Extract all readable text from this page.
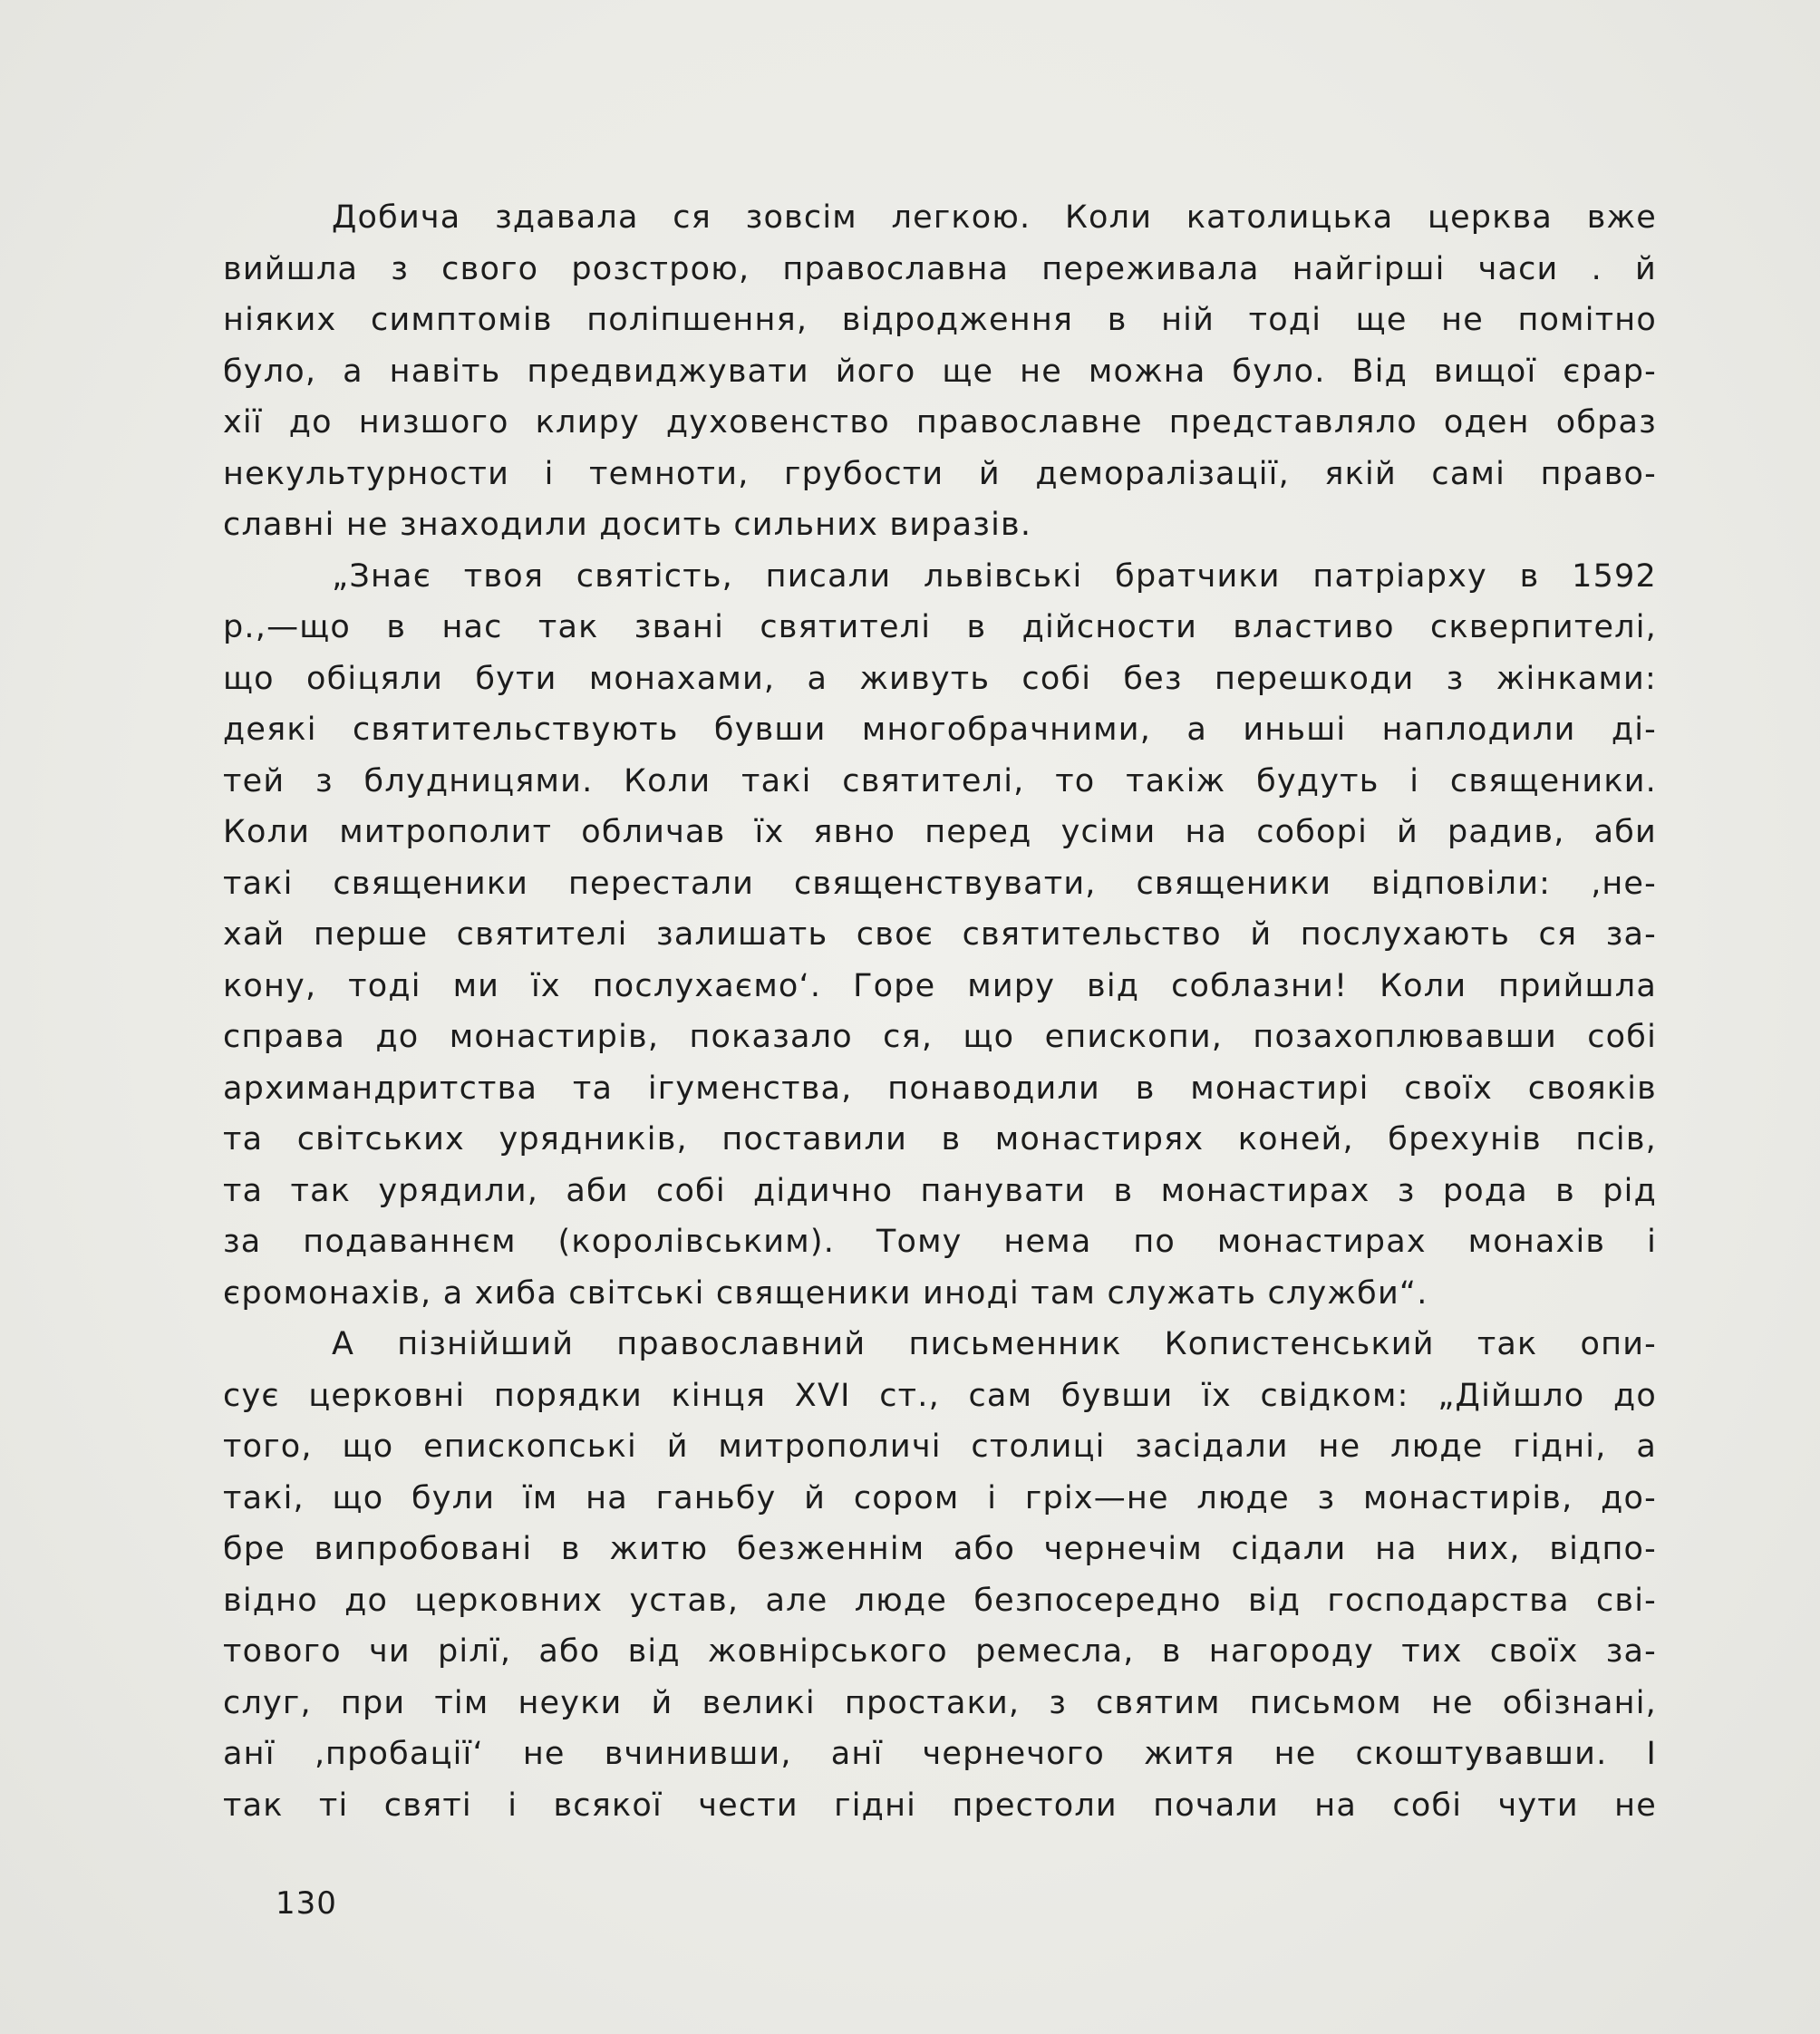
Добича здавала ся зовсім легкою. Коли католицька церква вже
вийшла з свого розстрою, православна переживала найгірші часи . й
ніяких симптомів поліпшення, відродження в ній тоді ще не помітно
було, а навіть предвиджувати його ще не можна було. Від вищої єрар-
хії до низшого клиру духовенство православне представляло оден образ
некультурности і темноти, грубости й деморалізації, якій самі право-
славні не знаходили досить сильних виразів.
„Знає твоя святість, писали львівські братчики патріарху в 1592
р.,—що в нас так звані святителі в дійсности властиво скверпителі,
що обіцяли бути монахами, а живуть собі без перешкоди з жінками:
деякі святительствують бувши многобрачними, а иньші наплодили ді-
тей з блудницями. Коли такі святителі, то такіж будуть і священики.
Коли митрополит обличав їх явно перед усіми на соборі й радив, аби
такі священики перестали священствувати, священики відповіли: ‚не-
хай перше святителі залишать своє святительство й послухають ся за-
кону, тоді ми їх послухаємо‘. Горе миру від соблазни! Коли прийшла
справа до монастирів, показало ся, що епископи, позахоплювавши собі
архимандритства та ігуменства, понаводили в монастирі своїх свояків
та світських урядників, поставили в монастирях коней, брехунів псів,
та так урядили, аби собі дідично панувати в монастирах з рода в рід
за подаваннєм (королівським). Тому нема по монастирах монахів і
єромонахів, а хиба світські священики иноді там служать служби“.
А пізнійший православний письменник Копистенський так опи-
сує церковні порядки кінця XVI ст., сам бувши їх свідком: „Дійшло до
того, що епископські й митрополичі столиці засідали не люде гідні, а
такі, що були їм на ганьбу й сором і гріх—не люде з монастирів, до-
бре випробовані в житю безженнім або чернечім сідали на них, відпо-
відно до церковних устав, але люде безпосередно від господарства сві-
тового чи рілї, або від жовнірського ремесла, в нагороду тих своїх за-
слуг, при тім неуки й великі простаки, з святим письмом не обізнані,
анї ‚пробації‘ не вчинивши, анї чернечого житя не скоштувавши. І
так ті святі і всякої чести гідні престоли почали на собі чути не
130
